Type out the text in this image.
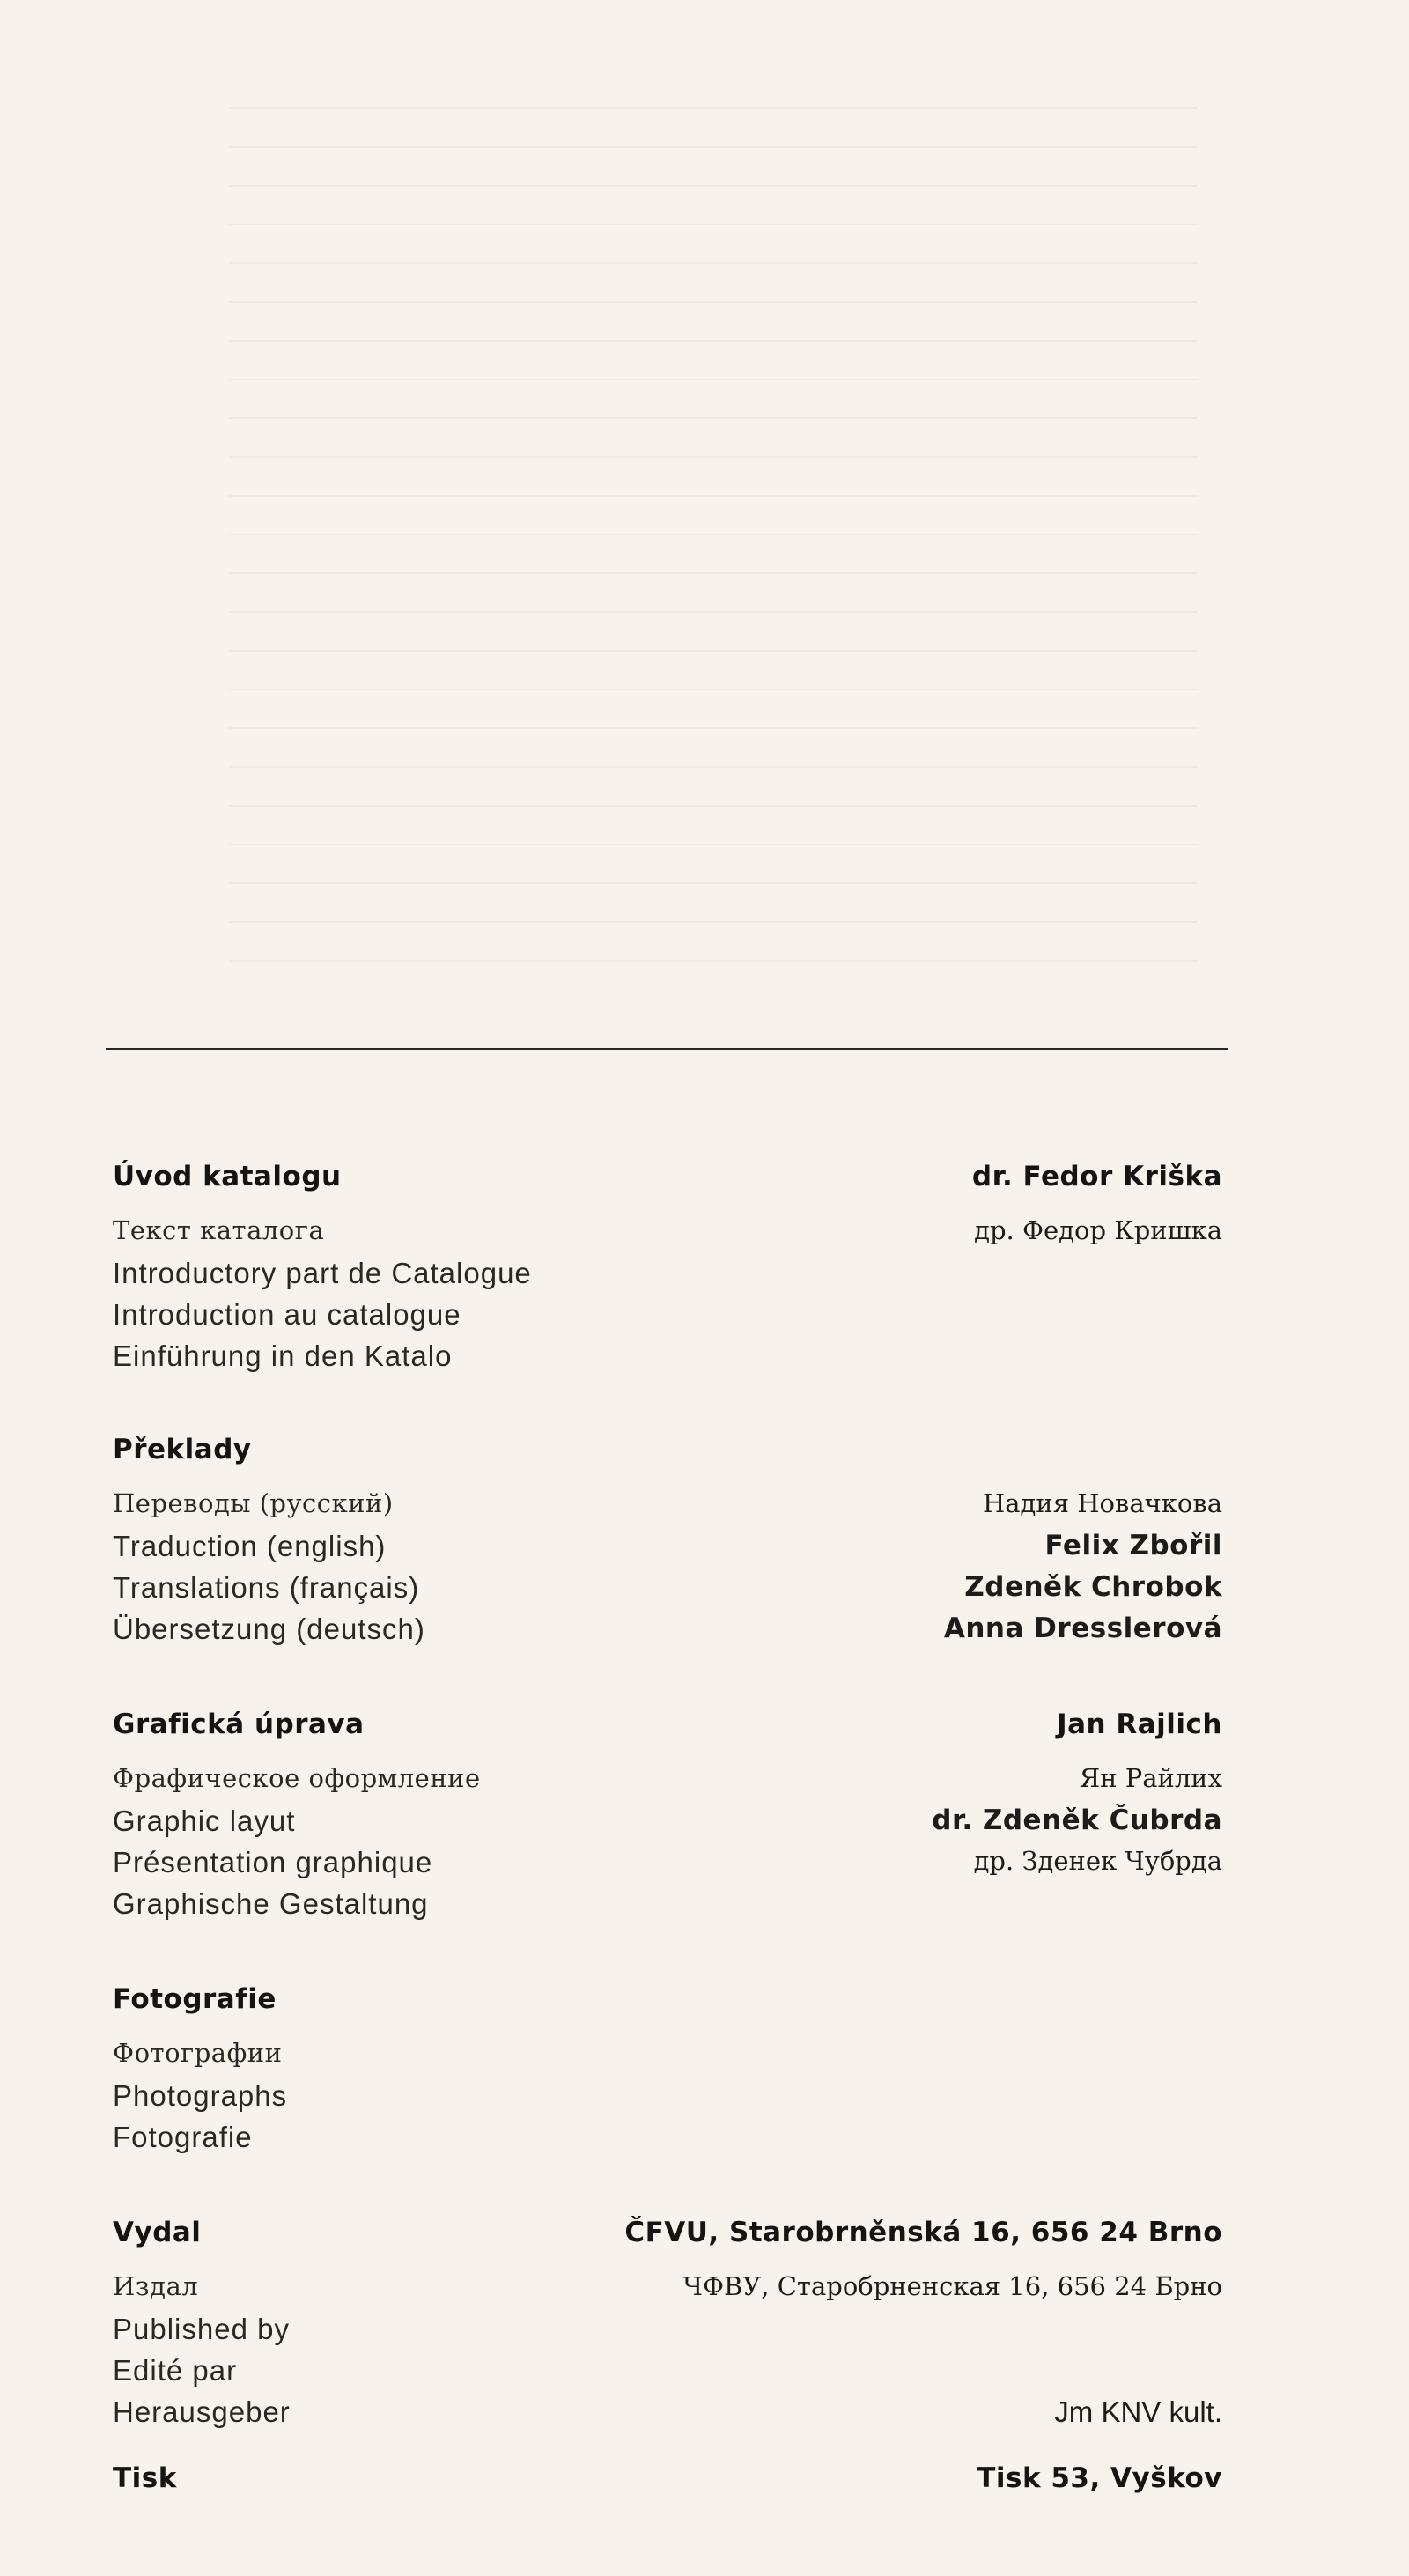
Úvod katalogu	dr. Fedor Kriška
Текст каталога	др. Федор Кришка
Introductory part de Catalogue
Introduction au catalogue
Einführung in den Katalo
Překlady
Переводы (русский)	Надия Новачкова
Traduction (english)	Felix Zbořil
Translations (français)	Zdeněk Chrobok
Übersetzung (deutsch)	Anna Dresslerová
Grafická úprava	Jan Rajlich
Фрафическое оформление	Ян Райлих
Graphic layut	dr. Zdeněk Čubrda
Présentation graphique	др. Зденек Чубрда
Graphische Gestaltung
Fotografie
Фотографии
Photographs
Fotografie
Vydal	ČFVU, Starobrněnská 16, 656 24 Brno
Издал	ЧФВУ, Старобрненская 16, 656 24 Брно
Published by
Edité par
Herausgeber	Jm KNV kult.
Tisk	Tisk 53, Vyškov
